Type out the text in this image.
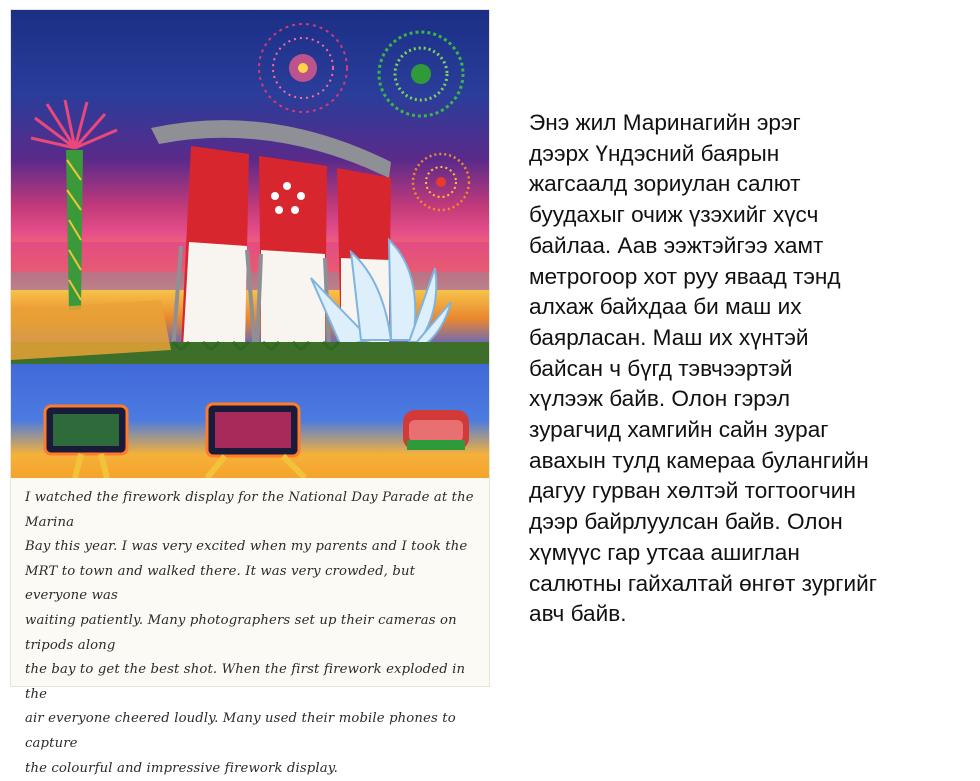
I watched the firework display for the National Day Parade at the Marina
Bay this year. I was very excited when my parents and I took the
MRT to town and walked there. It was very crowded, but everyone was
waiting patiently. Many photographers set up their cameras on tripods along
the bay to get the best shot. When the first firework exploded in the
air everyone cheered loudly. Many used their mobile phones to capture
the colourful and impressive firework display.

Энэ жил Маринагийн эрэг
дээрх Үндэсний баярын
жагсаалд зориулан салют
буудахыг очиж үзэхийг хүсч
байлаа. Аав ээжтэйгээ хамт
метрогоор хот руу яваад тэнд
алхаж байхдаа би маш их
баярласан. Маш их хүнтэй
байсан ч бүгд тэвчээртэй
хүлээж байв. Олон гэрэл
зурагчид хамгийн сайн зураг
авахын тулд камераа булангийн
дагуу гурван хөлтэй тогтоогчин
дээр байрлуулсан байв. Олон
хүмүүс гар утсаа ашиглан
салютны гайхалтай өнгөт зургийг
авч байв.
